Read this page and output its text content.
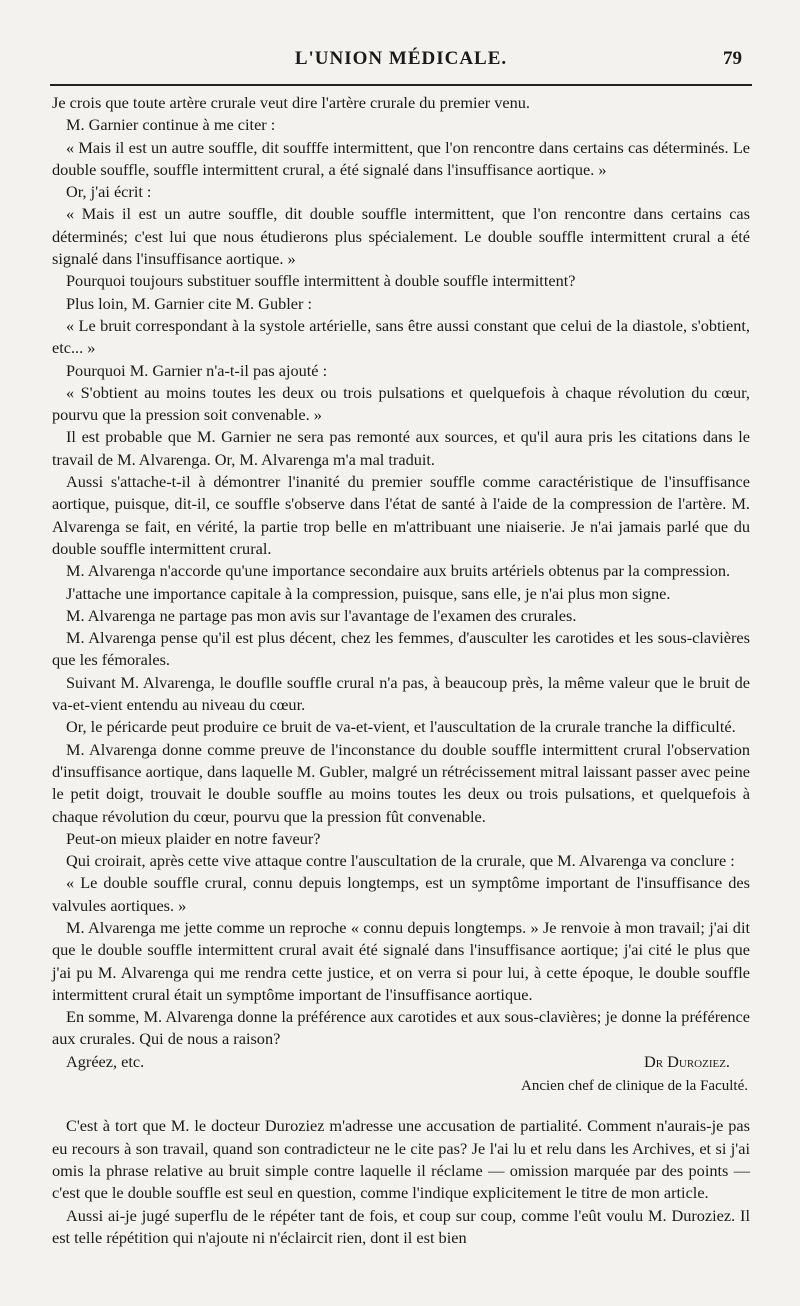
L'UNION MÉDICALE.	79

Je crois que toute artère crurale veut dire l'artère crurale du premier venu.

M. Garnier continue à me citer :

« Mais il est un autre souffle, dit soufffe intermittent, que l'on rencontre dans certains cas déterminés. Le double souffle, souffle intermittent crural, a été signalé dans l'insuffisance aortique. »

Or, j'ai écrit :

« Mais il est un autre souffle, dit double souffle intermittent, que l'on rencontre dans certains cas déterminés; c'est lui que nous étudierons plus spécialement. Le double souffle intermittent crural a été signalé dans l'insuffisance aortique. »

Pourquoi toujours substituer souffle intermittent à double souffle intermittent?

Plus loin, M. Garnier cite M. Gubler :

« Le bruit correspondant à la systole artérielle, sans être aussi constant que celui de la diastole, s'obtient, etc... »

Pourquoi M. Garnier n'a-t-il pas ajouté :

« S'obtient au moins toutes les deux ou trois pulsations et quelquefois à chaque révolution du cœur, pourvu que la pression soit convenable. »

Il est probable que M. Garnier ne sera pas remonté aux sources, et qu'il aura pris les citations dans le travail de M. Alvarenga. Or, M. Alvarenga m'a mal traduit.

Aussi s'attache-t-il à démontrer l'inanité du premier souffle comme caractéristique de l'insuffisance aortique, puisque, dit-il, ce souffle s'observe dans l'état de santé à l'aide de la compression de l'artère. M. Alvarenga se fait, en vérité, la partie trop belle en m'attribuant une niaiserie. Je n'ai jamais parlé que du double souffle intermittent crural.

M. Alvarenga n'accorde qu'une importance secondaire aux bruits artériels obtenus par la compression.

J'attache une importance capitale à la compression, puisque, sans elle, je n'ai plus mon signe.

M. Alvarenga ne partage pas mon avis sur l'avantage de l'examen des crurales.

M. Alvarenga pense qu'il est plus décent, chez les femmes, d'ausculter les carotides et les sous-clavières que les fémorales.

Suivant M. Alvarenga, le douflle souffle crural n'a pas, à beaucoup près, la même valeur que le bruit de va-et-vient entendu au niveau du cœur.

Or, le péricarde peut produire ce bruit de va-et-vient, et l'auscultation de la crurale tranche la difficulté.

M. Alvarenga donne comme preuve de l'inconstance du double souffle intermittent crural l'observation d'insuffisance aortique, dans laquelle M. Gubler, malgré un rétrécissement mitral laissant passer avec peine le petit doigt, trouvait le double souffle au moins toutes les deux ou trois pulsations, et quelquefois à chaque révolution du cœur, pourvu que la pression fût convenable.

Peut-on mieux plaider en notre faveur?

Qui croirait, après cette vive attaque contre l'auscultation de la crurale, que M. Alvarenga va conclure :

« Le double souffle crural, connu depuis longtemps, est un symptôme important de l'insuffisance des valvules aortiques. »

M. Alvarenga me jette comme un reproche « connu depuis longtemps. » Je renvoie à mon travail; j'ai dit que le double souffle intermittent crural avait été signalé dans l'insuffisance aortique; j'ai cité le plus que j'ai pu M. Alvarenga qui me rendra cette justice, et on verra si pour lui, à cette époque, le double souffle intermittent crural était un symptôme important de l'insuffisance aortique.

En somme, M. Alvarenga donne la préférence aux carotides et aux sous-clavières; je donne la préférence aux crurales. Qui de nous a raison?

Agréez, etc.	Dr Duroziez.

Ancien chef de clinique de la Faculté.

C'est à tort que M. le docteur Duroziez m'adresse une accusation de partialité. Comment n'aurais-je pas eu recours à son travail, quand son contradicteur ne le cite pas? Je l'ai lu et relu dans les Archives, et si j'ai omis la phrase relative au bruit simple contre laquelle il réclame — omission marquée par des points — c'est que le double souffle est seul en question, comme l'indique explicitement le titre de mon article.

Aussi ai-je jugé superflu de le répéter tant de fois, et coup sur coup, comme l'eût voulu M. Duroziez. Il est telle répétition qui n'ajoute ni n'éclaircit rien, dont il est bien
